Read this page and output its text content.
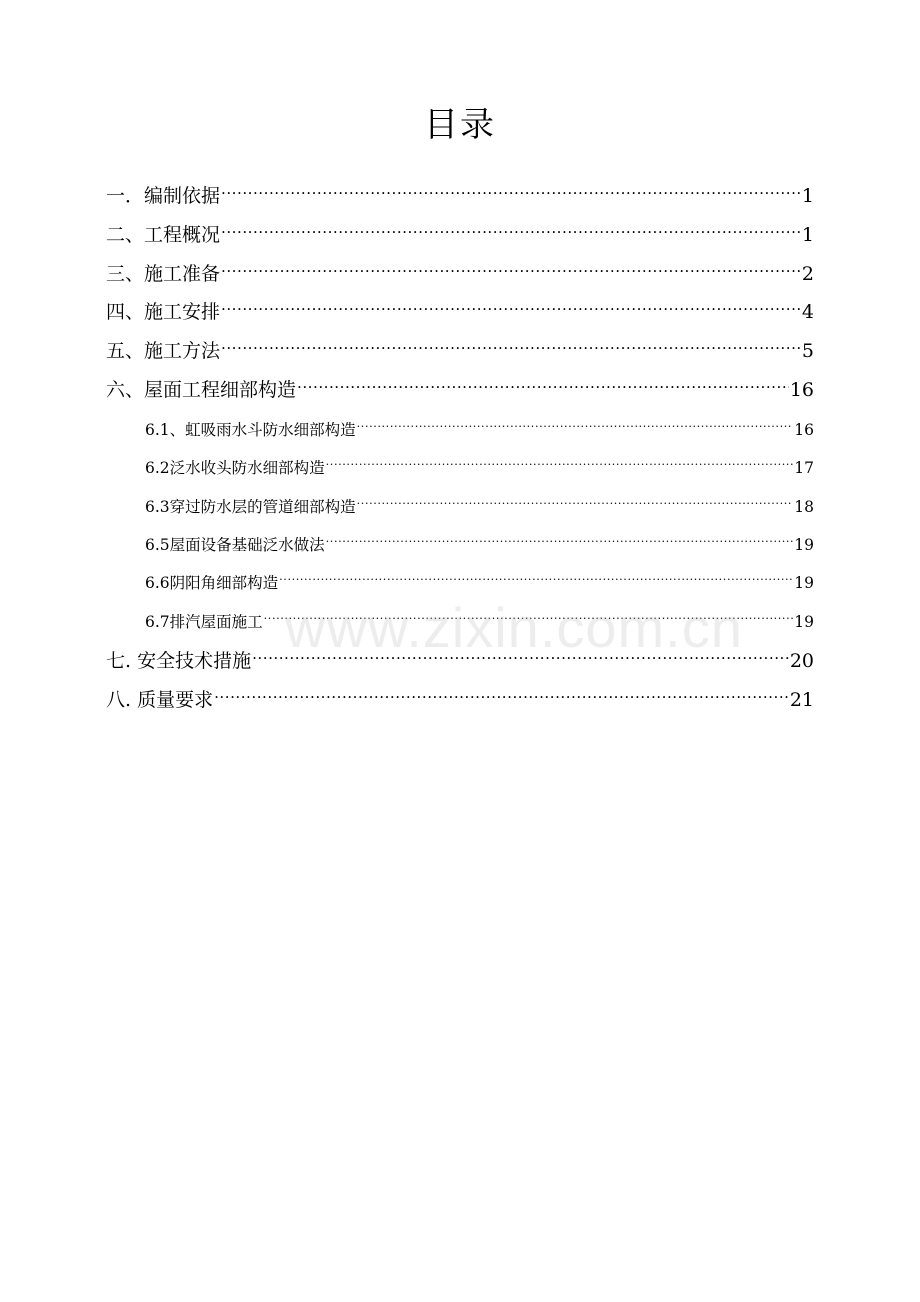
目录
一．编制依据 .....	1
二、工程概况 .....	1
三、施工准备 .....	2
四、施工安排 .....	4
五、施工方法 .....	5
六、屋面工程细部构造 .....	16
6.1、虹吸雨水斗防水细部构造 .....	16
6.2泛水收头防水细部构造 .....	17
6.3穿过防水层的管道细部构造 .....	18
6.5屋面设备基础泛水做法 .....	19
6.6阴阳角细部构造 .....	19
6.7排汽屋面施工 .....	19
七. 安全技术措施 .....	20
八. 质量要求 .....	21
www.zixin.com.cn
